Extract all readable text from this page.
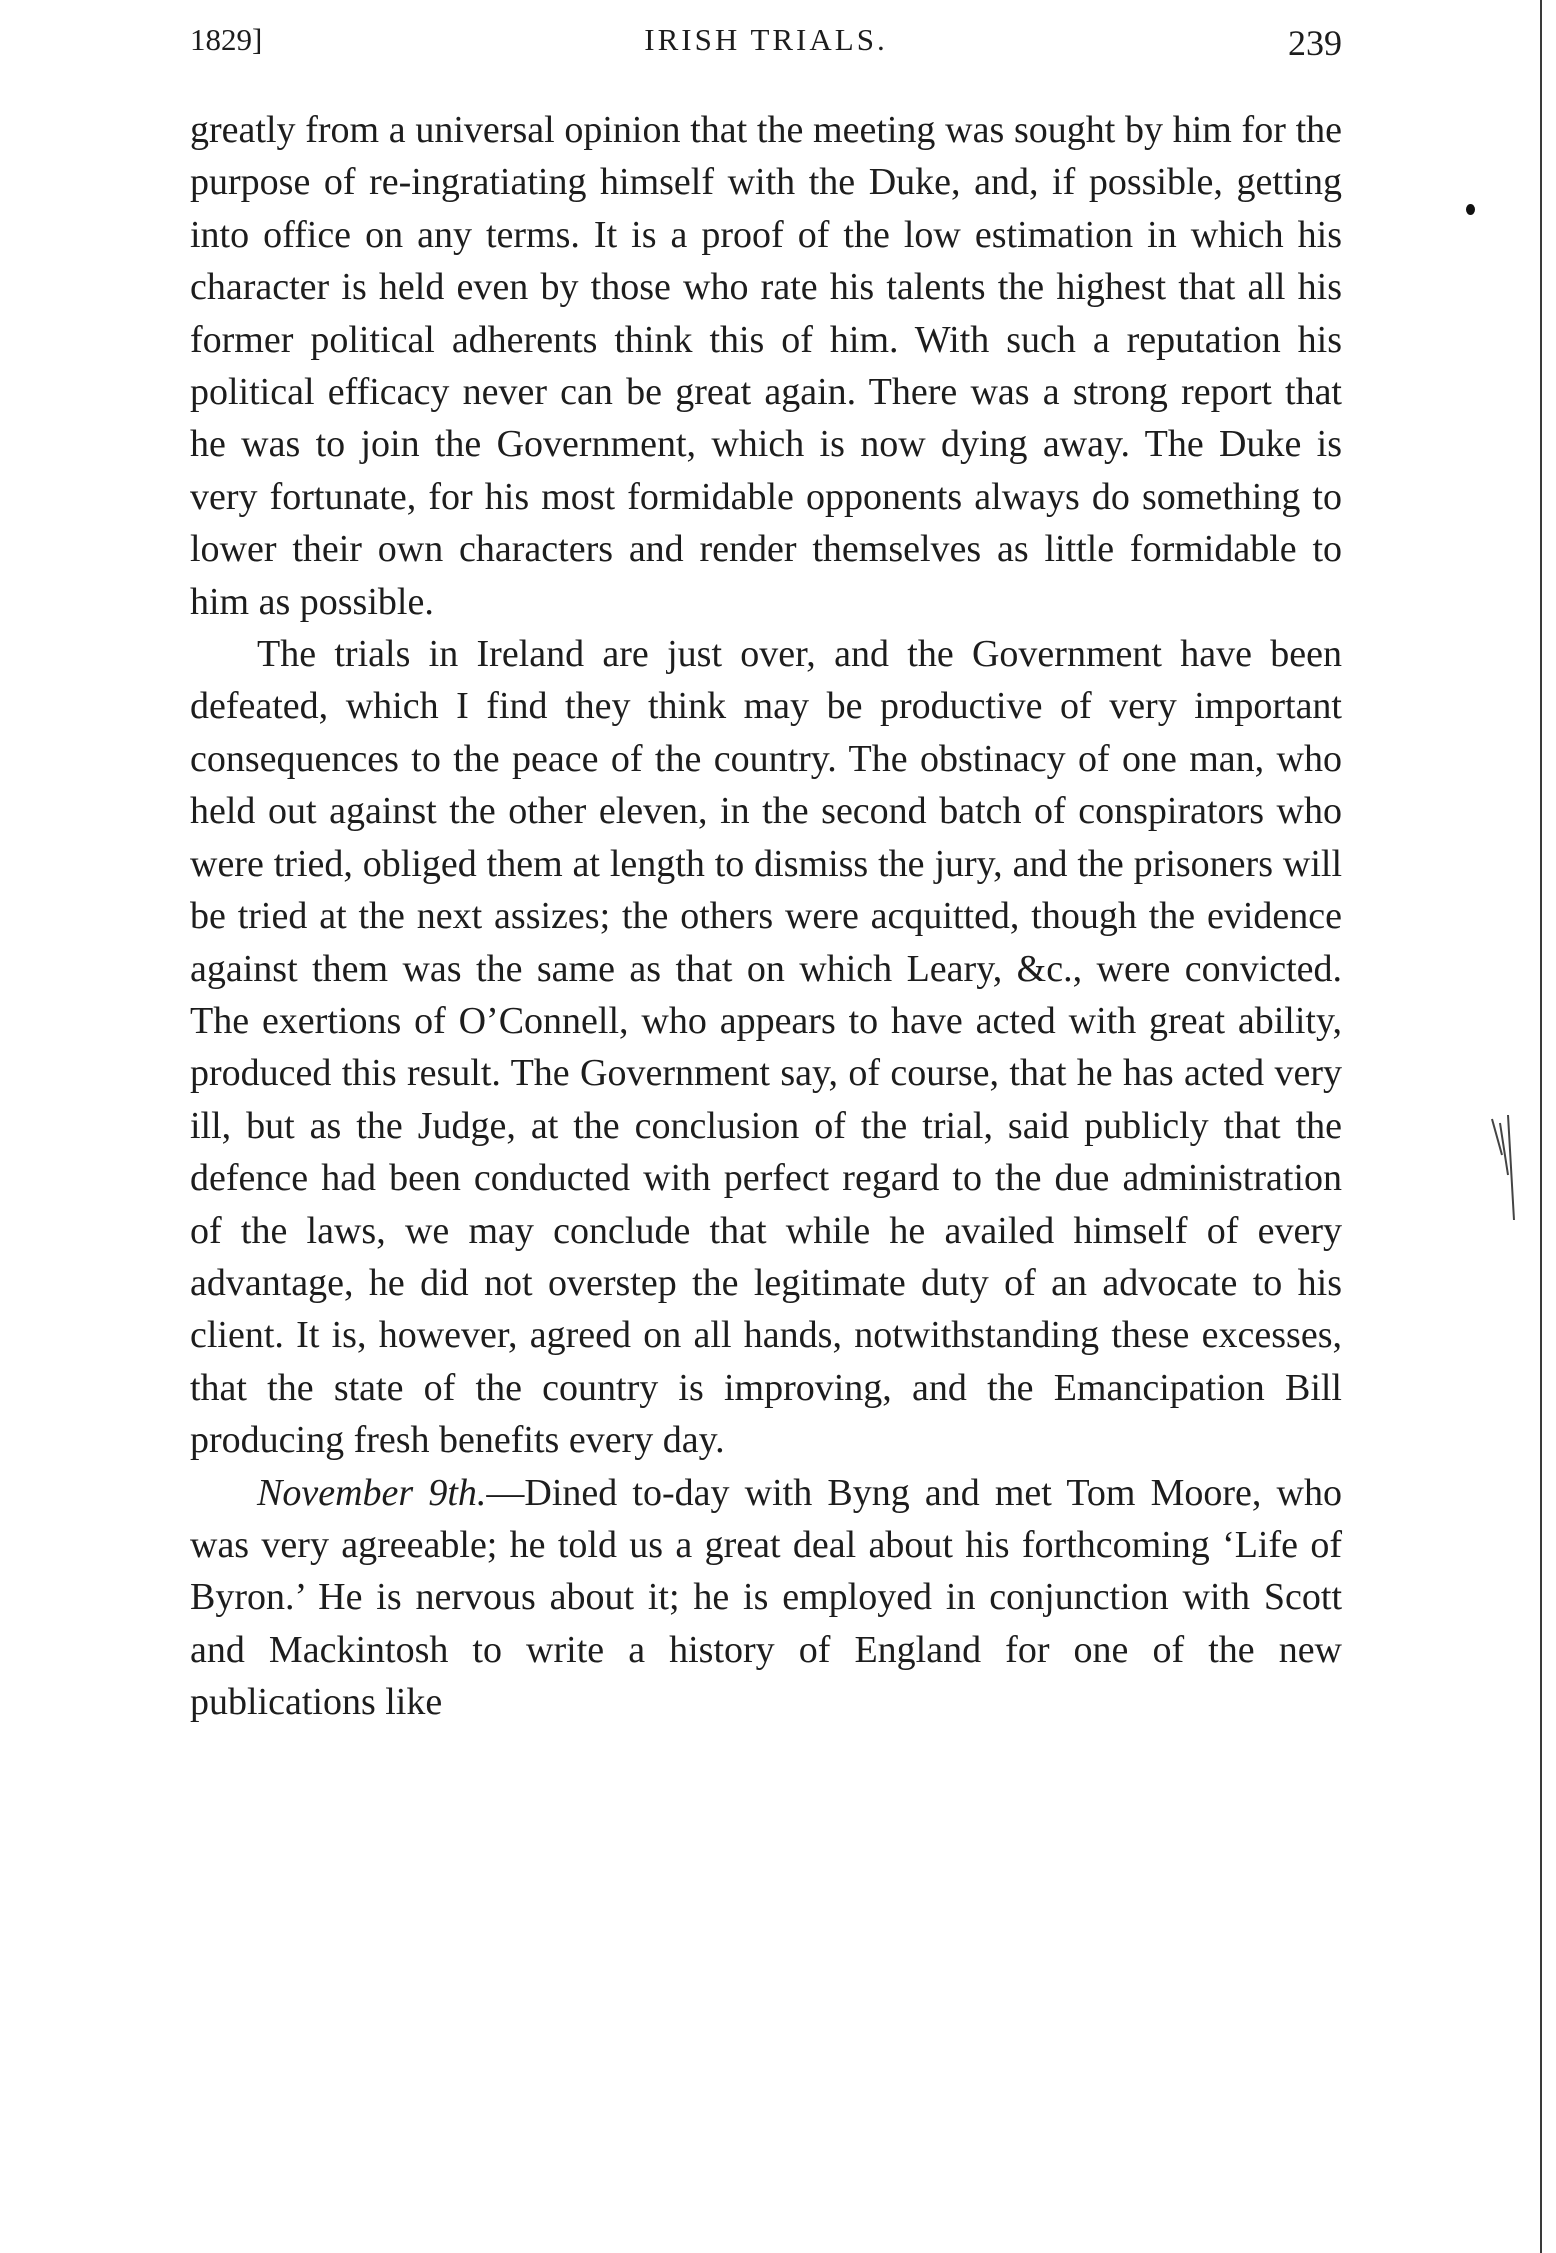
1829]	IRISH TRIALS.	239

greatly from a universal opinion that the meeting was sought by him for the purpose of re-ingratiating himself with the Duke, and, if possible, getting into office on any terms. It is a proof of the low estimation in which his character is held even by those who rate his talents the highest that all his former political adherents think this of him. With such a reputation his political efficacy never can be great again. There was a strong report that he was to join the Government, which is now dying away. The Duke is very fortunate, for his most formidable opponents always do something to lower their own characters and render themselves as little formidable to him as possible.

The trials in Ireland are just over, and the Government have been defeated, which I find they think may be productive of very important consequences to the peace of the country. The obstinacy of one man, who held out against the other eleven, in the second batch of conspirators who were tried, obliged them at length to dismiss the jury, and the prisoners will be tried at the next assizes; the others were acquitted, though the evidence against them was the same as that on which Leary, &c., were convicted. The exertions of O’Connell, who appears to have acted with great ability, produced this result. The Government say, of course, that he has acted very ill, but as the Judge, at the conclusion of the trial, said publicly that the defence had been conducted with perfect regard to the due administration of the laws, we may conclude that while he availed himself of every advantage, he did not overstep the legitimate duty of an advocate to his client. It is, however, agreed on all hands, notwithstanding these excesses, that the state of the country is improving, and the Emancipation Bill producing fresh benefits every day.

November 9th.—Dined to-day with Byng and met Tom Moore, who was very agreeable; he told us a great deal about his forthcoming ‘Life of Byron.’ He is nervous about it; he is employed in conjunction with Scott and Mackintosh to write a history of England for one of the new publications like
